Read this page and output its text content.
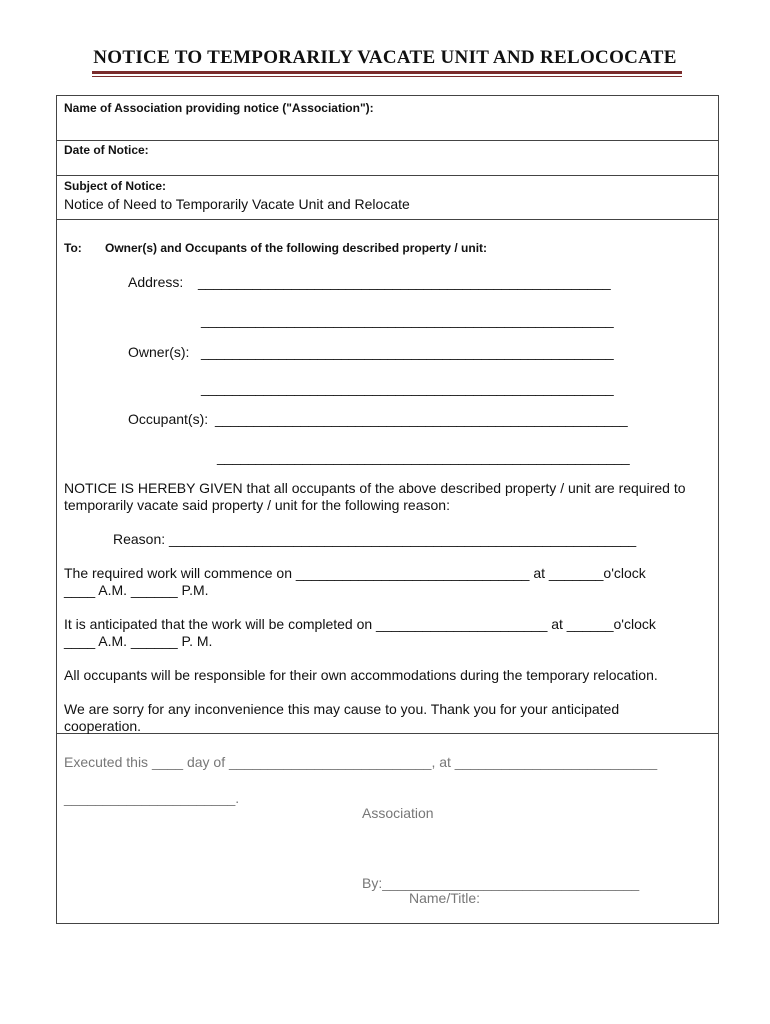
NOTICE TO TEMPORARILY VACATE UNIT AND RELOCOCATE
Name of Association providing notice ("Association"):
Date of Notice:
Subject of Notice:
Notice of Need to Temporarily Vacate Unit and Relocate
To: Owner(s) and Occupants of the following described property / unit:
Address: _____________________________________________________
_____________________________________________________
Owner(s): _____________________________________________________
_____________________________________________________
Occupant(s): _____________________________________________________
_____________________________________________________
NOTICE IS HEREBY GIVEN that all occupants of the above described property / unit are required to
temporarily vacate said property / unit for the following reason:
Reason: ____________________________________________________________
The required work will commence on ______________________________ at _______o'clock
____ A.M. ______ P.M.
It is anticipated that the work will be completed on ______________________ at ______o'clock
____ A.M. ______ P. M.
All occupants will be responsible for their own accommodations during the temporary relocation.
We are sorry for any inconvenience this may cause to you. Thank you for your anticipated
cooperation.
Executed this ____ day of __________________________, at __________________________
______________________.
Association
By:_________________________________
Name/Title:
